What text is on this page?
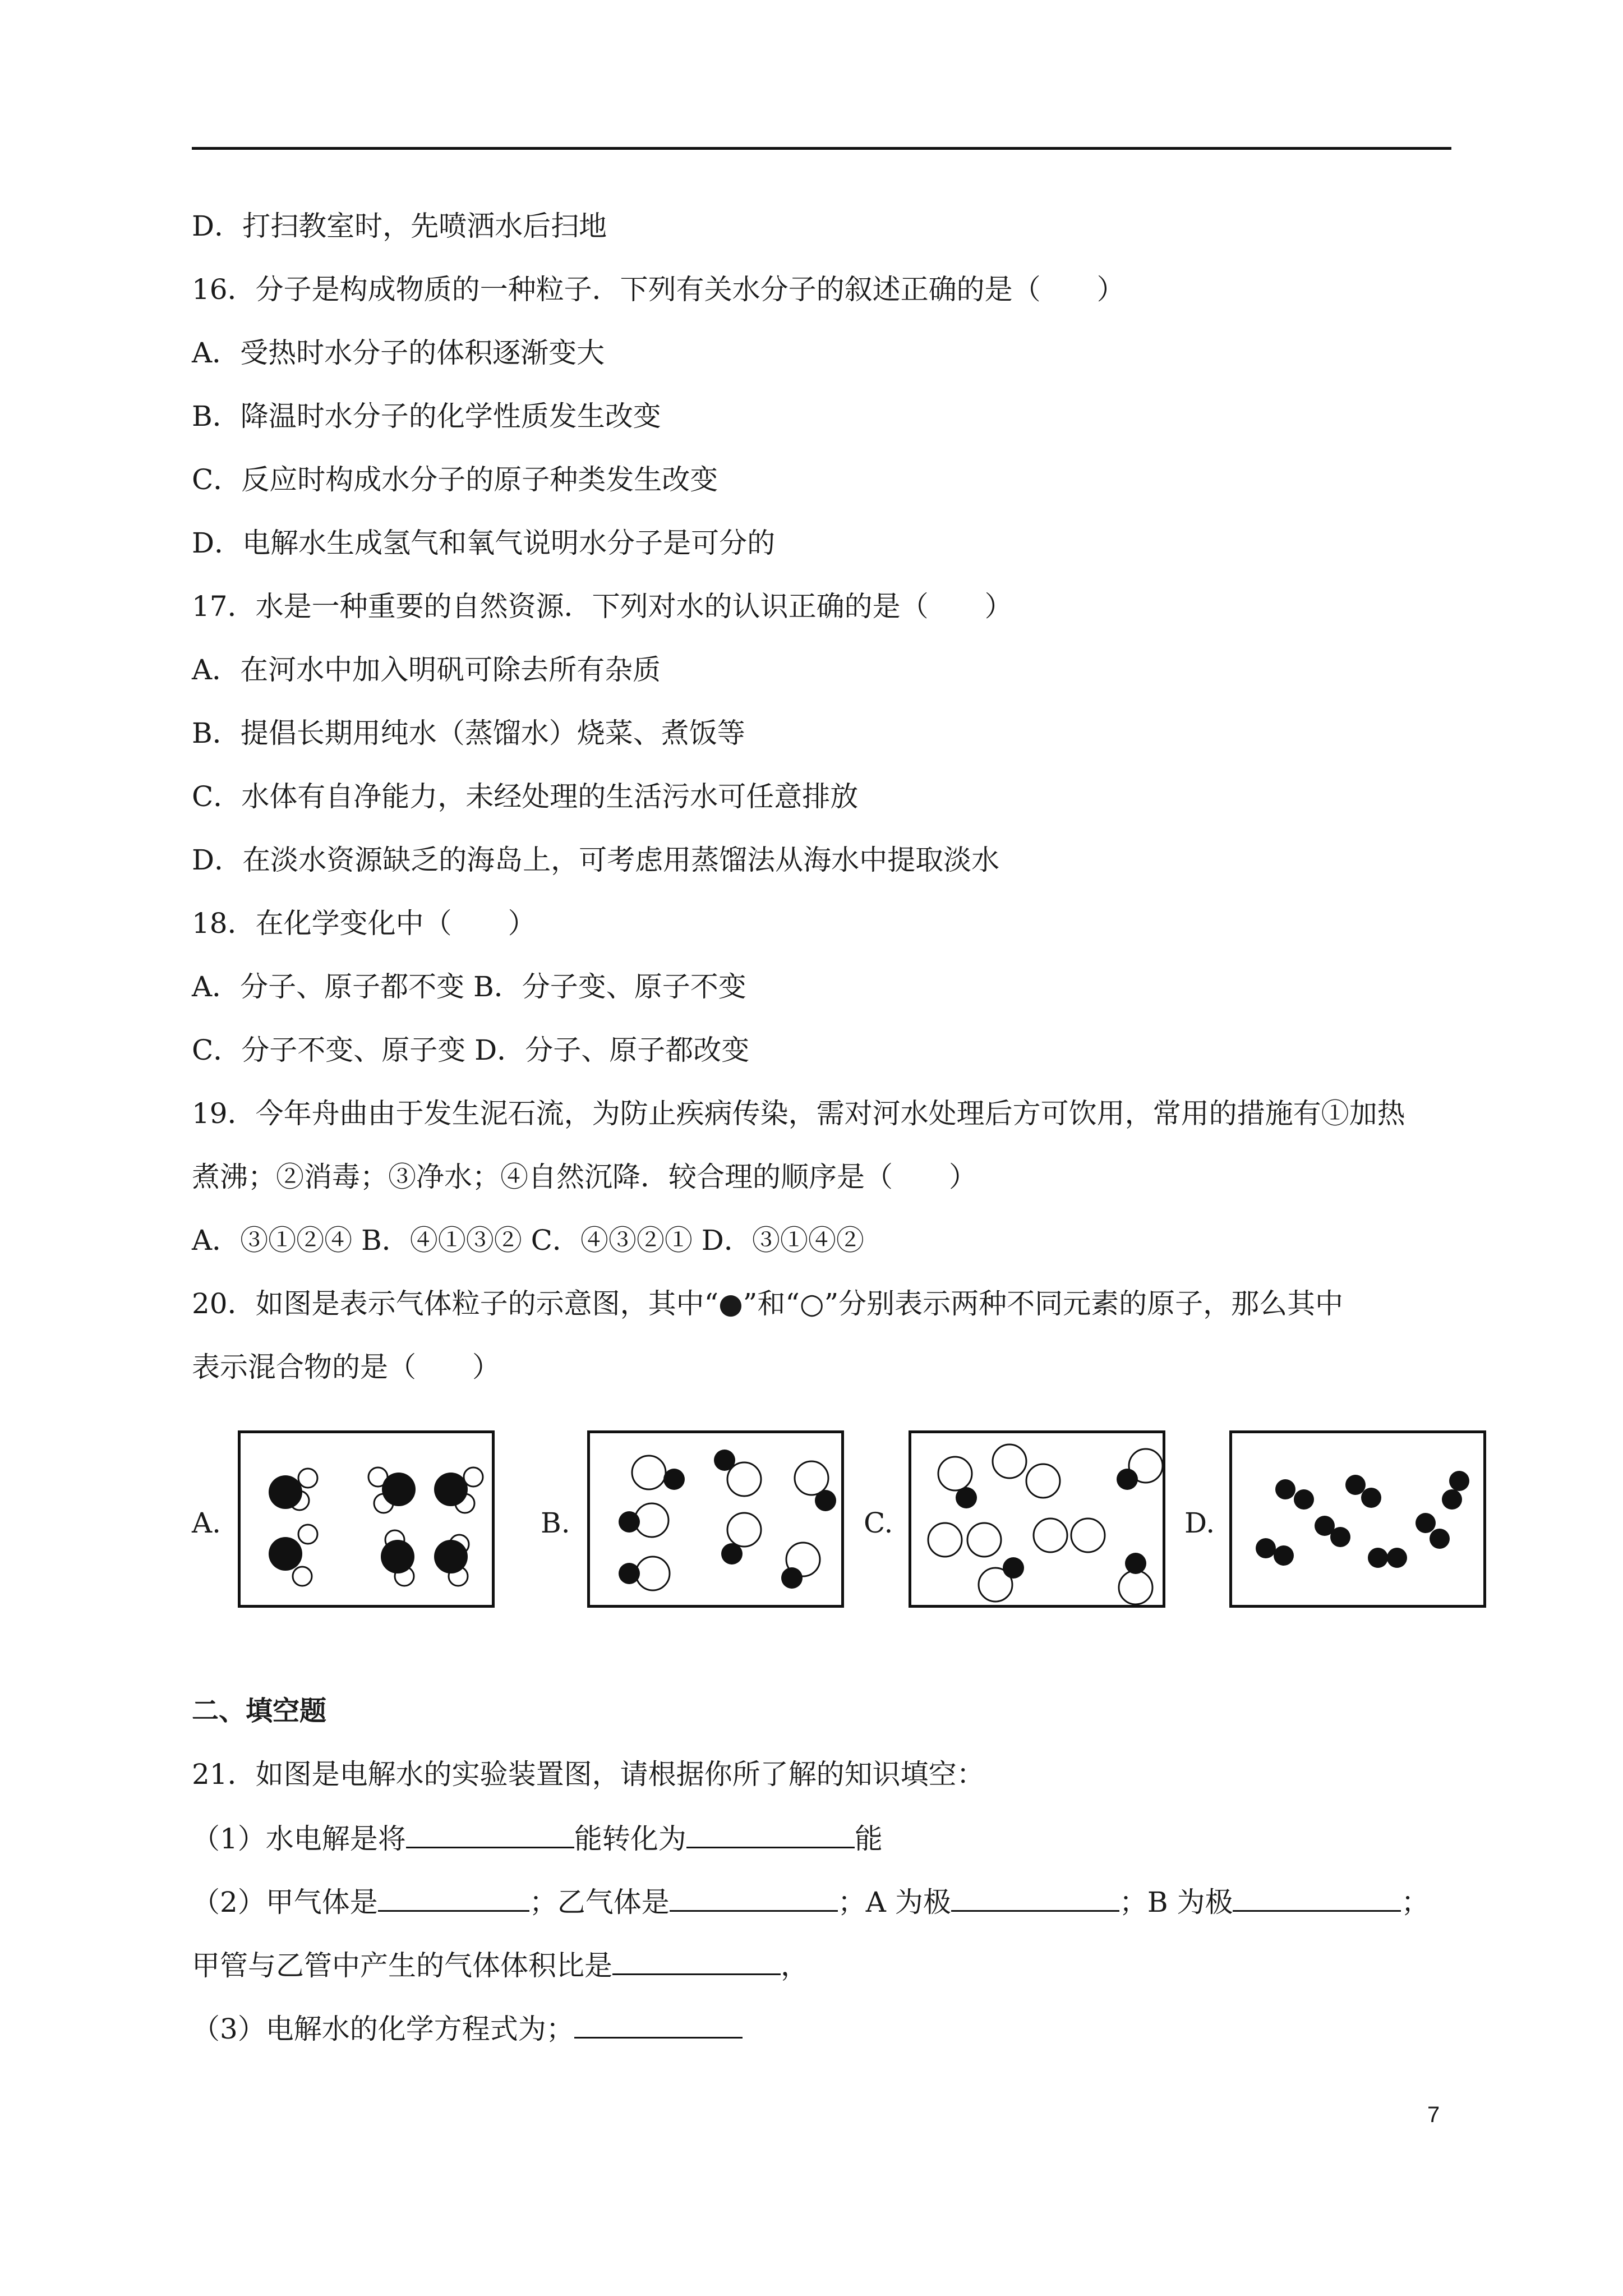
D．打扫教室时，先喷洒水后扫地
16．分子是构成物质的一种粒子．下列有关水分子的叙述正确的是（　　）
A．受热时水分子的体积逐渐变大
B．降温时水分子的化学性质发生改变
C．反应时构成水分子的原子种类发生改变
D．电解水生成氢气和氧气说明水分子是可分的
17．水是一种重要的自然资源．下列对水的认识正确的是（　　）
A．在河水中加入明矾可除去所有杂质
B．提倡长期用纯水（蒸馏水）烧菜、煮饭等
C．水体有自净能力，未经处理的生活污水可任意排放
D．在淡水资源缺乏的海岛上，可考虑用蒸馏法从海水中提取淡水
18．在化学变化中（　　）
A．分子、原子都不变 B．分子变、原子不变
C．分子不变、原子变 D．分子、原子都改变
19．今年舟曲由于发生泥石流，为防止疾病传染，需对河水处理后方可饮用，常用的措施有①加热
煮沸；②消毒；③净水；④自然沉降．较合理的顺序是（　　）
A．③①②④ B．④①③② C．④③②① D．③①④②
20．如图是表示气体粒子的示意图，其中“●”和“○”分别表示两种不同元素的原子，那么其中
表示混合物的是（　　）
A.	B.	C.	D.
二、填空题
21．如图是电解水的实验装置图，请根据你所了解的知识填空：
（1）水电解是将	能转化为	能
（2）甲气体是	；乙气体是	；A 为极	；B 为极	；
甲管与乙管中产生的气体体积比是	，
（3）电解水的化学方程式为；
7
